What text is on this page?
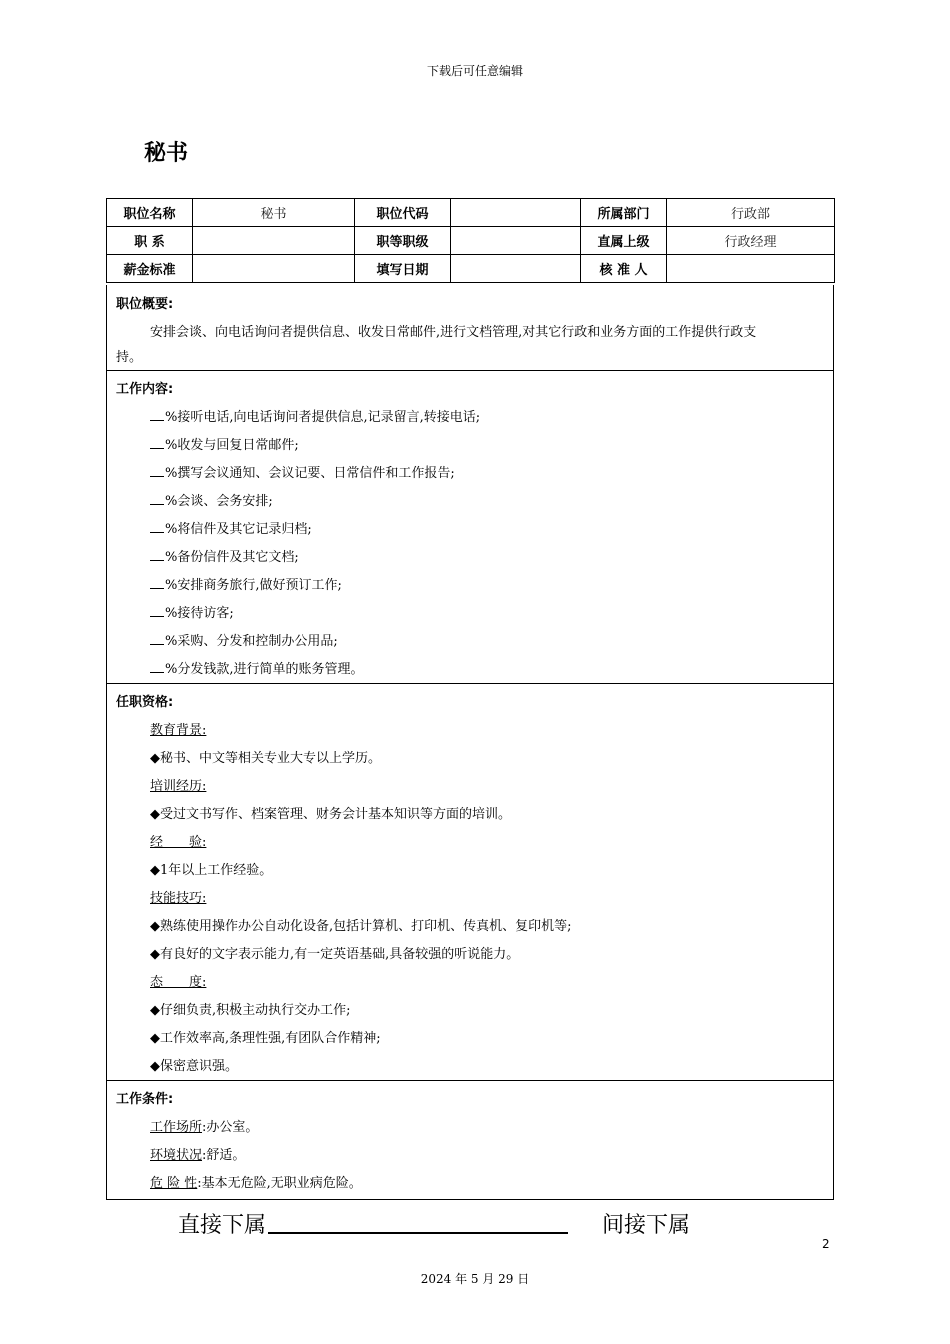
下载后可任意编辑
秘书
职位名称	秘书	职位代码		所属部门	行政部
职 系		职等职级		直属上级	行政经理
薪金标准		填写日期		核 准 人	
职位概要:
安排会谈、向电话询问者提供信息、收发日常邮件,进行文档管理,对其它行政和业务方面的工作提供行政支
持。
工作内容:
%接听电话,向电话询问者提供信息,记录留言,转接电话;
%收发与回复日常邮件;
%撰写会议通知、会议记要、日常信件和工作报告;
%会谈、会务安排;
%将信件及其它记录归档;
%备份信件及其它文档;
%安排商务旅行,做好预订工作;
%接待访客;
%采购、分发和控制办公用品;
%分发钱款,进行简单的账务管理。
任职资格:
教育背景:
◆秘书、中文等相关专业大专以上学历。
培训经历:
◆受过文书写作、档案管理、财务会计基本知识等方面的培训。
经　　验:
◆1年以上工作经验。
技能技巧:
◆熟练使用操作办公自动化设备,包括计算机、打印机、传真机、复印机等;
◆有良好的文字表示能力,有一定英语基础,具备较强的听说能力。
态　　度:
◆仔细负责,积极主动执行交办工作;
◆工作效率高,条理性强,有团队合作精神;
◆保密意识强。
工作条件:
工作场所:办公室。
环境状况:舒适。
危 险 性:基本无危险,无职业病危险。
直接下属	间接下属
2
2024 年 5 月 29 日
